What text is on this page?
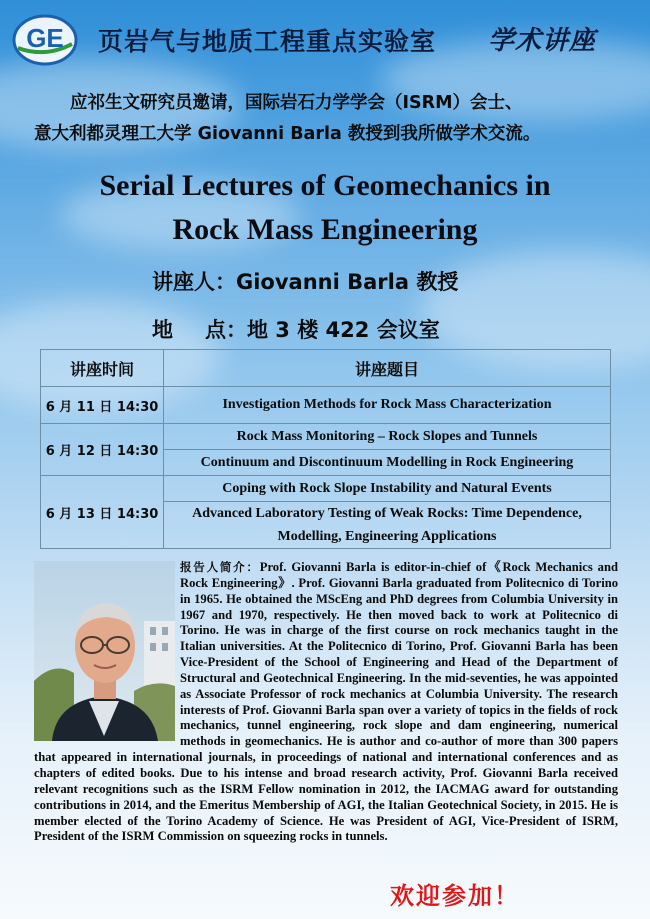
GE 页岩气与地质工程重点实验室 学术讲座

应祁生文研究员邀请，国际岩石力学学会（ISRM）会士、

意大利都灵理工大学 Giovanni Barla 教授到我所做学术交流。

Serial Lectures of Geomechanics in

Rock Mass Engineering

讲座人：Giovanni Barla 教授
地 点：地 3 楼 422 会议室
讲座时间	讲座题目
6 月 11 日 14:30	Investigation Methods for Rock Mass Characterization
6 月 12 日 14:30	Rock Mass Monitoring – Rock Slopes and Tunnels
	Continuum and Discontinuum Modelling in Rock Engineering
6 月 13 日 14:30	Coping with Rock Slope Instability and Natural Events
	Advanced Laboratory Testing of Weak Rocks: Time Dependence, Modelling, Engineering Applications
报告人简介：Prof. Giovanni Barla is editor-in-chief of《Rock Mechanics and Rock Engineering》. Prof. Giovanni Barla graduated from Politecnico di Torino in 1965. He obtained the MScEng and PhD degrees from Columbia University in 1967 and 1970, respectively. He then moved back to work at Politecnico di Torino. He was in charge of the first course on rock mechanics taught in the Italian universities. At the Politecnico di Torino, Prof. Giovanni Barla has been Vice-President of the School of Engineering and Head of the Department of Structural and Geotechnical Engineering. In the mid-seventies, he was appointed as Associate Professor of rock mechanics at Columbia University. The research interests of Prof. Giovanni Barla span over a variety of topics in the fields of rock mechanics, tunnel engineering, rock slope and dam engineering, numerical methods in geomechanics. He is author and co-author of more than 300 papers that appeared in international journals, in proceedings of national and international conferences and as chapters of edited books. Due to his intense and broad research activity, Prof. Giovanni Barla received relevant recognitions such as the ISRM Fellow nomination in 2012, the IACMAG award for outstanding contributions in 2014, and the Emeritus Membership of AGI, the Italian Geotechnical Society, in 2015. He is member elected of the Torino Academy of Science. He was President of AGI, Vice-President of ISRM, President of the ISRM Commission on squeezing rocks in tunnels.
欢迎参加！
